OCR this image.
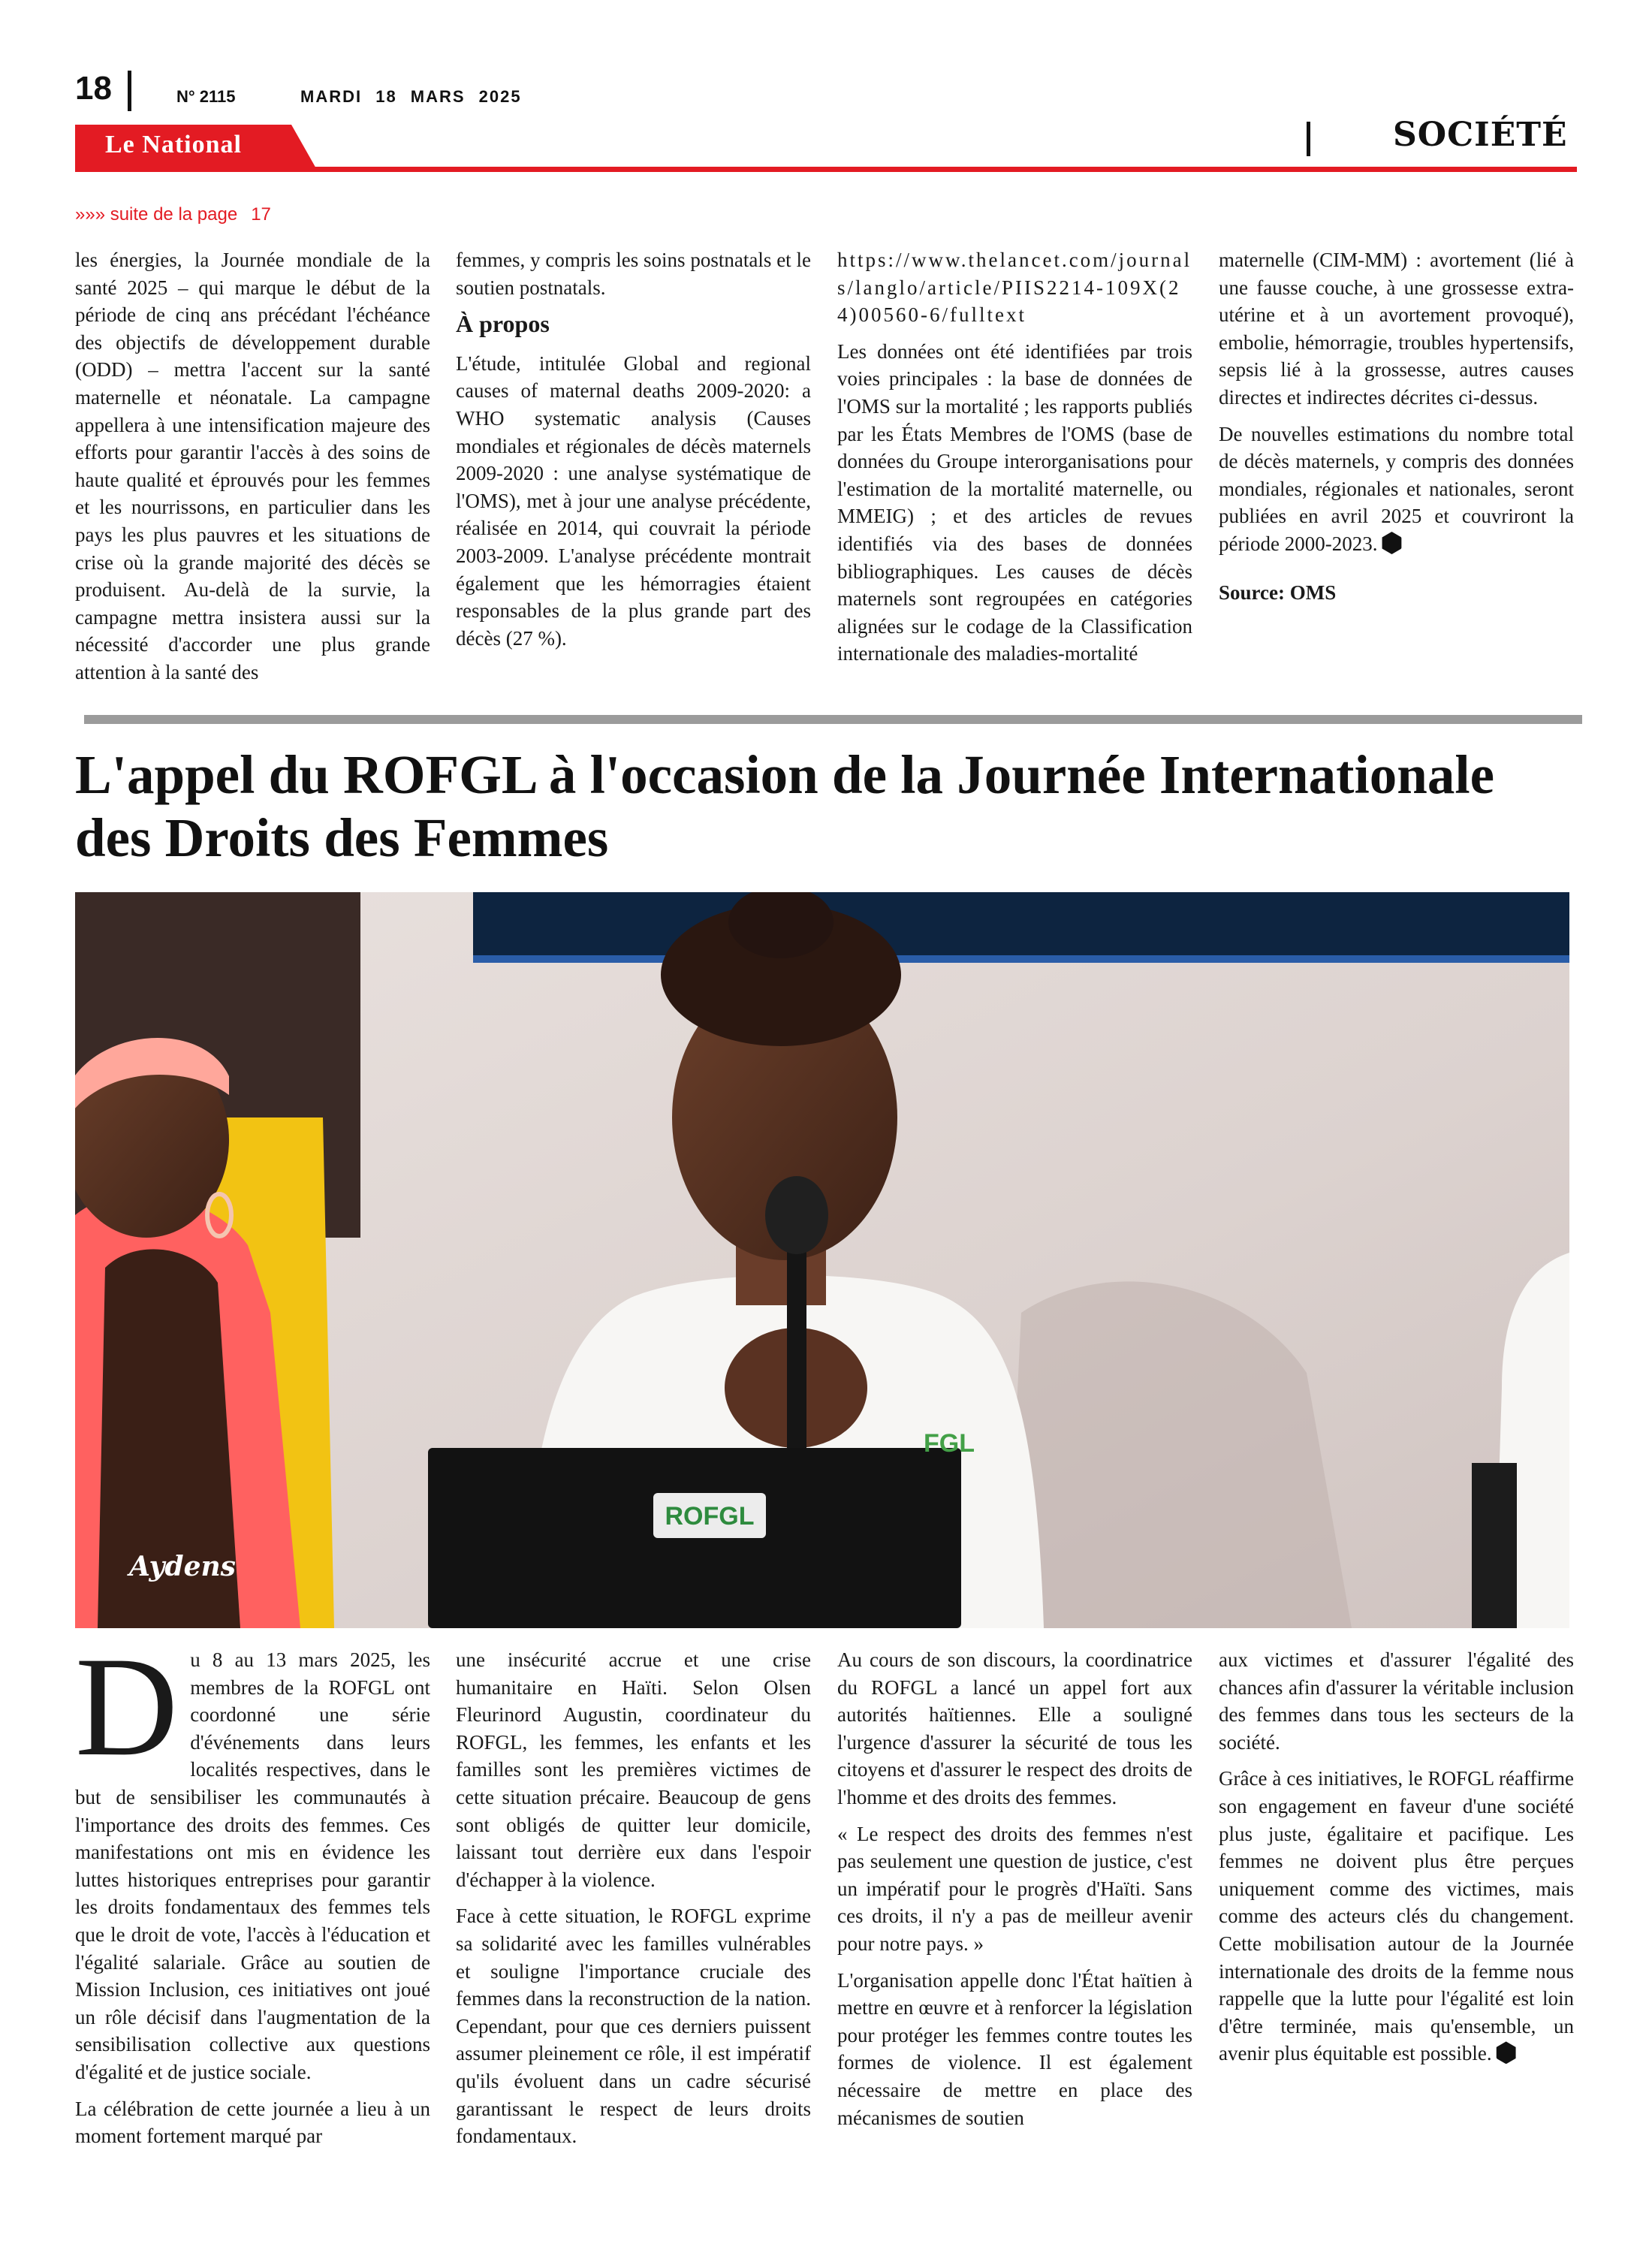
18	N° 2115	MARDI 18 MARS 2025
Le National	SOCIÉTÉ
»»» suite de la page 17

les énergies, la Journée mondiale de la santé 2025 – qui marque le début de la période de cinq ans précédant l'échéance des objectifs de développement durable (ODD) – mettra l'accent sur la santé maternelle et néonatale. La campagne appellera à une intensification majeure des efforts pour garantir l'accès à des soins de haute qualité et éprouvés pour les femmes et les nourrissons, en particulier dans les pays les plus pauvres et les situations de crise où la grande majorité des décès se produisent. Au-delà de la survie, la campagne mettra insistera aussi sur la nécessité d'accorder une plus grande attention à la santé des

femmes, y compris les soins postnatals et le soutien postnatals.

À propos

L'étude, intitulée Global and regional causes of maternal deaths 2009-2020: a WHO systematic analysis (Causes mondiales et régionales de décès maternels 2009-2020 : une analyse systématique de l'OMS), met à jour une analyse précédente, réalisée en 2014, qui couvrait la période 2003-2009. L'analyse précédente montrait également que les hémorragies étaient responsables de la plus grande part des décès (27 %).

https://www.thelancet.com/journals/langlo/article/PIIS2214-109X(24)00560-6/fulltext

Les données ont été identifiées par trois voies principales : la base de données de l'OMS sur la mortalité ; les rapports publiés par les États Membres de l'OMS (base de données du Groupe interorganisations pour l'estimation de la mortalité maternelle, ou MMEIG) ; et des articles de revues identifiés via des bases de données bibliographiques. Les causes de décès maternels sont regroupées en catégories alignées sur le codage de la Classification internationale des maladies-mortalité

maternelle (CIM-MM) : avortement (lié à une fausse couche, à une grossesse extra-utérine et à un avortement provoqué), embolie, hémorragie, troubles hypertensifs, sepsis lié à la grossesse, autres causes directes et indirectes décrites ci-dessus.

De nouvelles estimations du nombre total de décès maternels, y compris des données mondiales, régionales et nationales, seront publiées en avril 2025 et couvriront la période 2000-2023.

Source: OMS

L'appel du ROFGL à l'occasion de la Journée Internationale des Droits des Femmes
ROFGL
FGL
Aydens

Du 8 au 13 mars 2025, les membres de la ROFGL ont coordonné une série d'événements dans leurs localités respectives, dans le but de sensibiliser les communautés à l'importance des droits des femmes. Ces manifestations ont mis en évidence les luttes historiques entreprises pour garantir les droits fondamentaux des femmes tels que le droit de vote, l'accès à l'éducation et l'égalité salariale. Grâce au soutien de Mission Inclusion, ces initiatives ont joué un rôle décisif dans l'augmentation de la sensibilisation collective aux questions d'égalité et de justice sociale.

La célébration de cette journée a lieu à un moment fortement marqué par

une insécurité accrue et une crise humanitaire en Haïti. Selon Olsen Fleurinord Augustin, coordinateur du ROFGL, les femmes, les enfants et les familles sont les premières victimes de cette situation précaire. Beaucoup de gens sont obligés de quitter leur domicile, laissant tout derrière eux dans l'espoir d'échapper à la violence.

Face à cette situation, le ROFGL exprime sa solidarité avec les familles vulnérables et souligne l'importance cruciale des femmes dans la reconstruction de la nation. Cependant, pour que ces derniers puissent assumer pleinement ce rôle, il est impératif qu'ils évoluent dans un cadre sécurisé garantissant le respect de leurs droits fondamentaux.

Au cours de son discours, la coordinatrice du ROFGL a lancé un appel fort aux autorités haïtiennes. Elle a souligné l'urgence d'assurer la sécurité de tous les citoyens et d'assurer le respect des droits de l'homme et des droits des femmes.

« Le respect des droits des femmes n'est pas seulement une question de justice, c'est un impératif pour le progrès d'Haïti. Sans ces droits, il n'y a pas de meilleur avenir pour notre pays. »

L'organisation appelle donc l'État haïtien à mettre en œuvre et à renforcer la législation pour protéger les femmes contre toutes les formes de violence. Il est également nécessaire de mettre en place des mécanismes de soutien

aux victimes et d'assurer l'égalité des chances afin d'assurer la véritable inclusion des femmes dans tous les secteurs de la société.

Grâce à ces initiatives, le ROFGL réaffirme son engagement en faveur d'une société plus juste, égalitaire et pacifique. Les femmes ne doivent plus être perçues uniquement comme des victimes, mais comme des acteurs clés du changement. Cette mobilisation autour de la Journée internationale des droits de la femme nous rappelle que la lutte pour l'égalité est loin d'être terminée, mais qu'ensemble, un avenir plus équitable est possible.
